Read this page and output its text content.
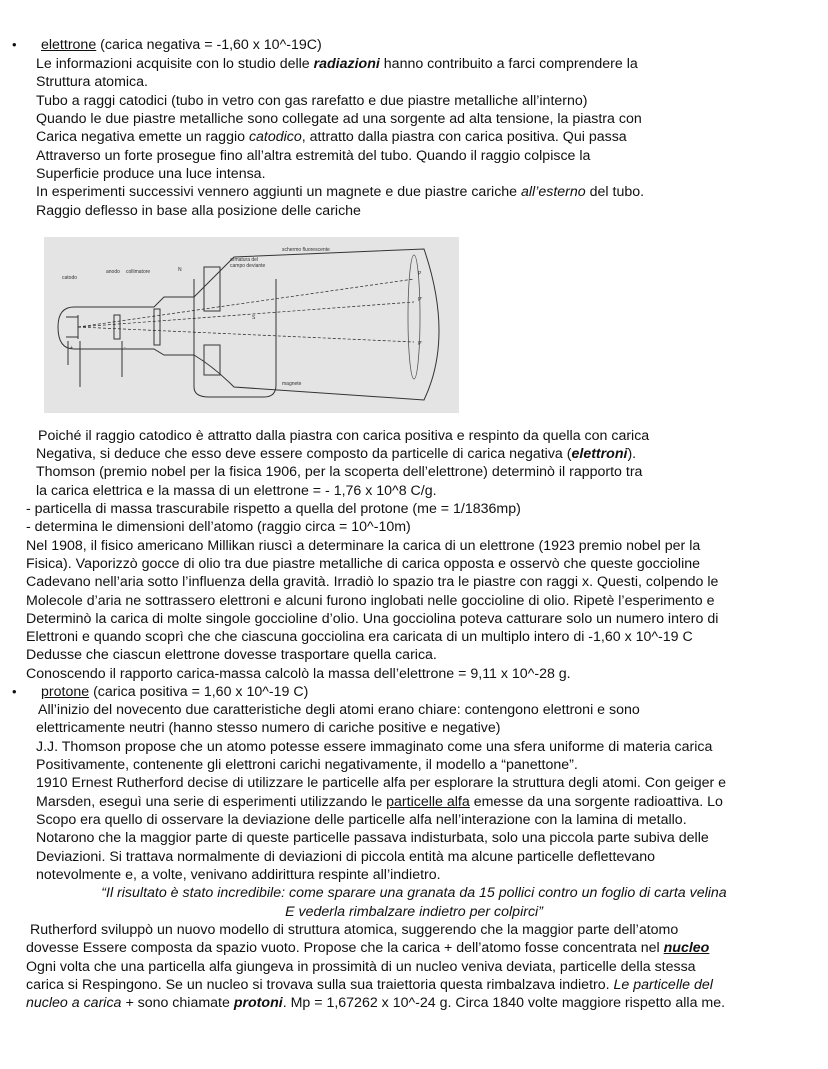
• elettrone (carica negativa = -1,60 x 10^-19C)
Le informazioni acquisite con lo studio delle radiazioni hanno contribuito a farci comprendere la
Struttura atomica.
Tubo a raggi catodici (tubo in vetro con gas rarefatto e due piastre metalliche all’interno)
Quando le due piastre metalliche sono collegate ad una sorgente ad alta tensione, la piastra con
Carica negativa emette un raggio catodico, attratto dalla piastra con carica positiva. Qui passa
Attraverso un forte prosegue fino all’altra estremità del tubo. Quando il raggio colpisce la
Superficie produce una luce intensa.
In esperimenti successivi vennero aggiunti un magnete e due piastre cariche all’esterno del tubo.
Raggio deflesso in base alla posizione delle cariche
catodo
anodo collimatore	N
S
armatura del
campo deviante
schermo fluorescente
P
P'
P'
+	-
magnete
Poiché il raggio catodico è attratto dalla piastra con carica positiva e respinto da quella con carica
Negativa, si deduce che esso deve essere composto da particelle di carica negativa (elettroni).
Thomson (premio nobel per la fisica 1906, per la scoperta dell’elettrone) determinò il rapporto tra
la carica elettrica e la massa di un elettrone = - 1,76 x 10^8 C/g.
- particella di massa trascurabile rispetto a quella del protone (me = 1/1836mp)
- determina le dimensioni dell’atomo (raggio circa = 10^-10m)
Nel 1908, il fisico americano Millikan riuscì a determinare la carica di un elettrone (1923 premio nobel per la
Fisica). Vaporizzò gocce di olio tra due piastre metalliche di carica opposta e osservò che queste goccioline
Cadevano nell’aria sotto l’influenza della gravità. Irradiò lo spazio tra le piastre con raggi x. Questi, colpendo le
Molecole d’aria ne sottrassero elettroni e alcuni furono inglobati nelle goccioline di olio. Ripetè l’esperimento e
Determinò la carica di molte singole goccioline d’olio. Una gocciolina poteva catturare solo un numero intero di
Elettroni e quando scoprì che che ciascuna gocciolina era caricata di un multiplo intero di -1,60 x 10^-19 C
Dedusse che ciascun elettrone dovesse trasportare quella carica.
Conoscendo il rapporto carica-massa calcolò la massa dell’elettrone = 9,11 x 10^-28 g.
• protone (carica positiva = 1,60 x 10^-19 C)
All’inizio del novecento due caratteristiche degli atomi erano chiare: contengono elettroni e sono
elettricamente neutri (hanno stesso numero di cariche positive e negative)
J.J. Thomson propose che un atomo potesse essere immaginato come una sfera uniforme di materia carica
Positivamente, contenente gli elettroni carichi negativamente, il modello a “panettone”.
1910 Ernest Rutherford decise di utilizzare le particelle alfa per esplorare la struttura degli atomi. Con geiger e
Marsden, eseguì una serie di esperimenti utilizzando le particelle alfa emesse da una sorgente radioattiva. Lo
Scopo era quello di osservare la deviazione delle particelle alfa nell’interazione con la lamina di metallo.
Notarono che la maggior parte di queste particelle passava indisturbata, solo una piccola parte subiva delle
Deviazioni. Si trattava normalmente di deviazioni di piccola entità ma alcune particelle deflettevano
notevolmente e, a volte, venivano addirittura respinte all’indietro.
“Il risultato è stato incredibile: come sparare una granata da 15 pollici contro un foglio di carta velina
E vederla rimbalzare indietro per colpirci”
Rutherford sviluppò un nuovo modello di struttura atomica, suggerendo che la maggior parte dell’atomo
dovesse Essere composta da spazio vuoto. Propose che la carica + dell’atomo fosse concentrata nel nucleo
Ogni volta che una particella alfa giungeva in prossimità di un nucleo veniva deviata, particelle della stessa
carica si Respingono. Se un nucleo si trovava sulla sua traiettoria questa rimbalzava indietro. Le particelle del
nucleo a carica + sono chiamate protoni. Mp = 1,67262 x 10^-24 g. Circa 1840 volte maggiore rispetto alla me.
